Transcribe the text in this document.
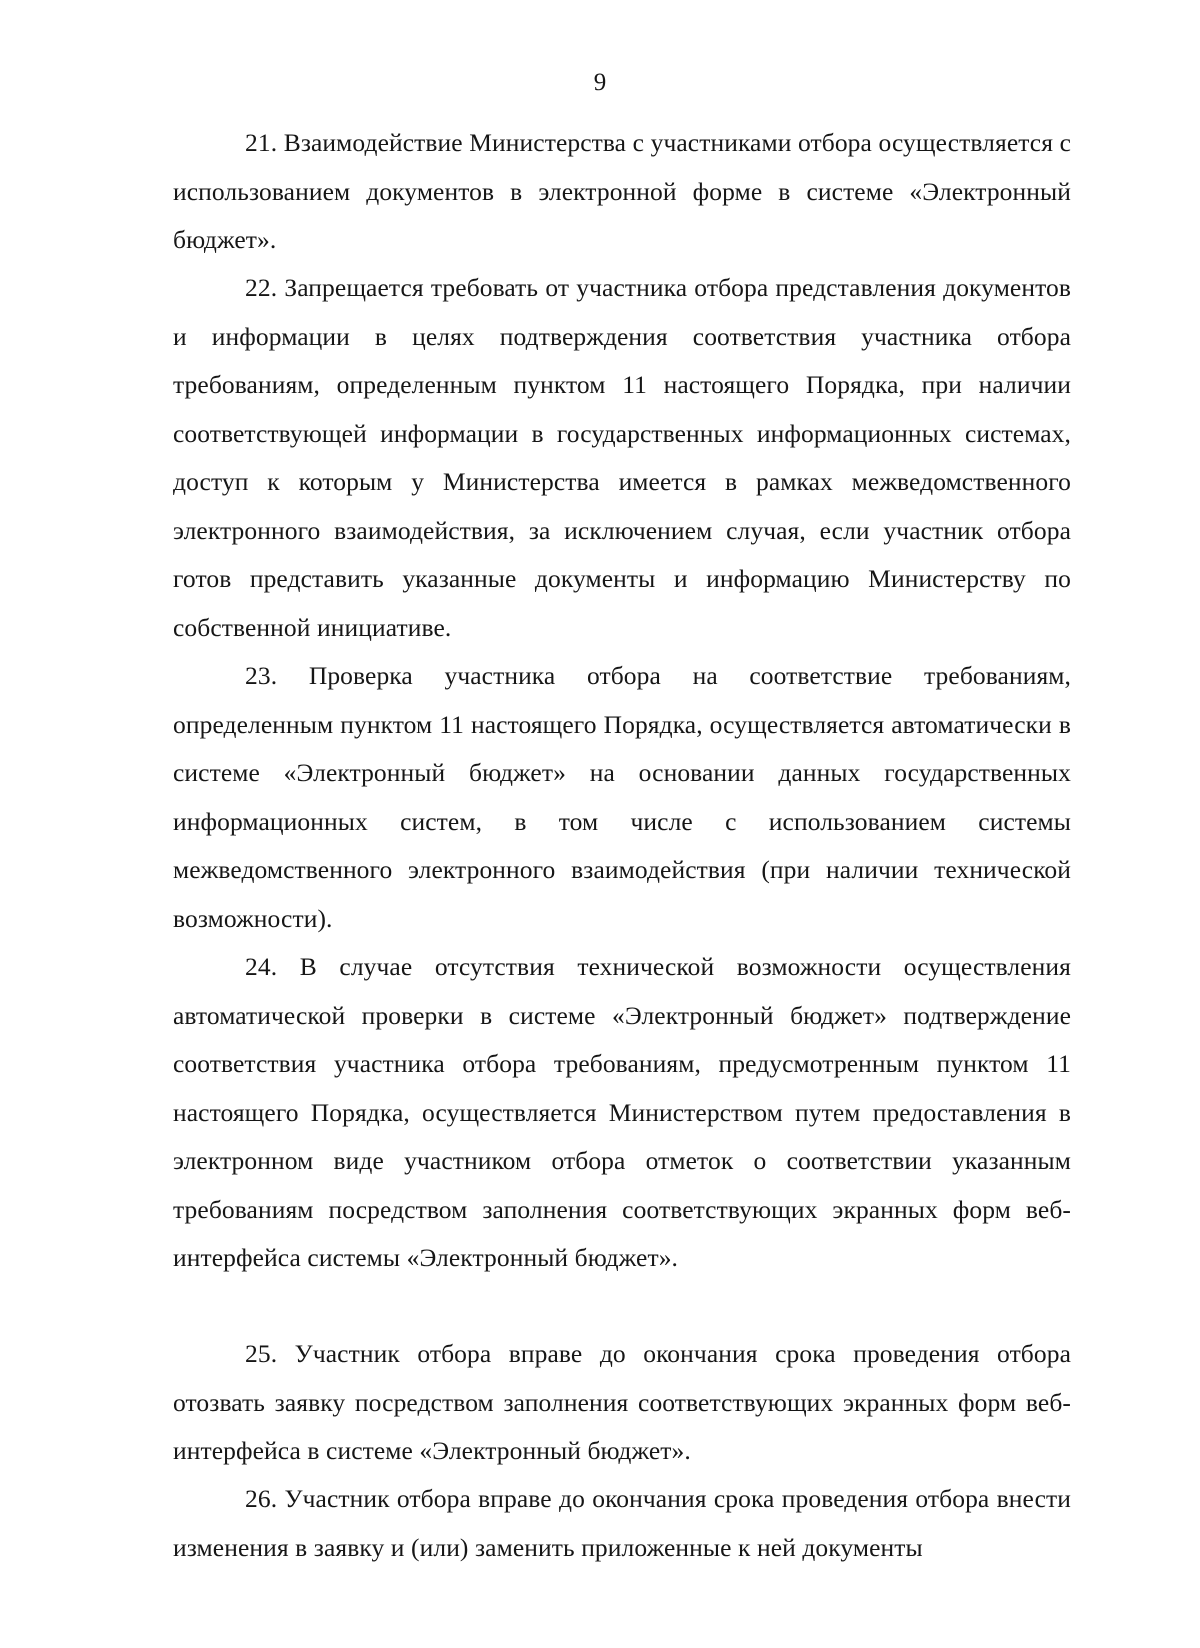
9

21. Взаимодействие Министерства с участниками отбора осуществляется с использованием документов в электронной форме в системе «Электронный бюджет».

22. Запрещается требовать от участника отбора представления документов и информации в целях подтверждения соответствия участника отбора требованиям, определенным пунктом 11 настоящего Порядка, при наличии соответствующей информации в государственных информационных системах, доступ к которым у Министерства имеется в рамках межведомственного электронного взаимодействия, за исключением случая, если участник отбора готов представить указанные документы и информацию Министерству по собственной инициативе.

23. Проверка участника отбора на соответствие требованиям, определенным пунктом 11 настоящего Порядка, осуществляется автоматически в системе «Электронный бюджет» на основании данных государственных информационных систем, в том числе с использованием системы межведомственного электронного взаимодействия (при наличии технической возможности).

24. В случае отсутствия технической возможности осуществления автоматической проверки в системе «Электронный бюджет» подтверждение соответствия участника отбора требованиям, предусмотренным пунктом 11 настоящего Порядка, осуществляется Министерством путем предоставления в электронном виде участником отбора отметок о соответствии указанным требованиям посредством заполнения соответствующих экранных форм веб-интерфейса системы «Электронный бюджет».

25. Участник отбора вправе до окончания срока проведения отбора отозвать заявку посредством заполнения соответствующих экранных форм веб-интерфейса в системе «Электронный бюджет».

26. Участник отбора вправе до окончания срока проведения отбора внести изменения в заявку и (или) заменить приложенные к ней документы
